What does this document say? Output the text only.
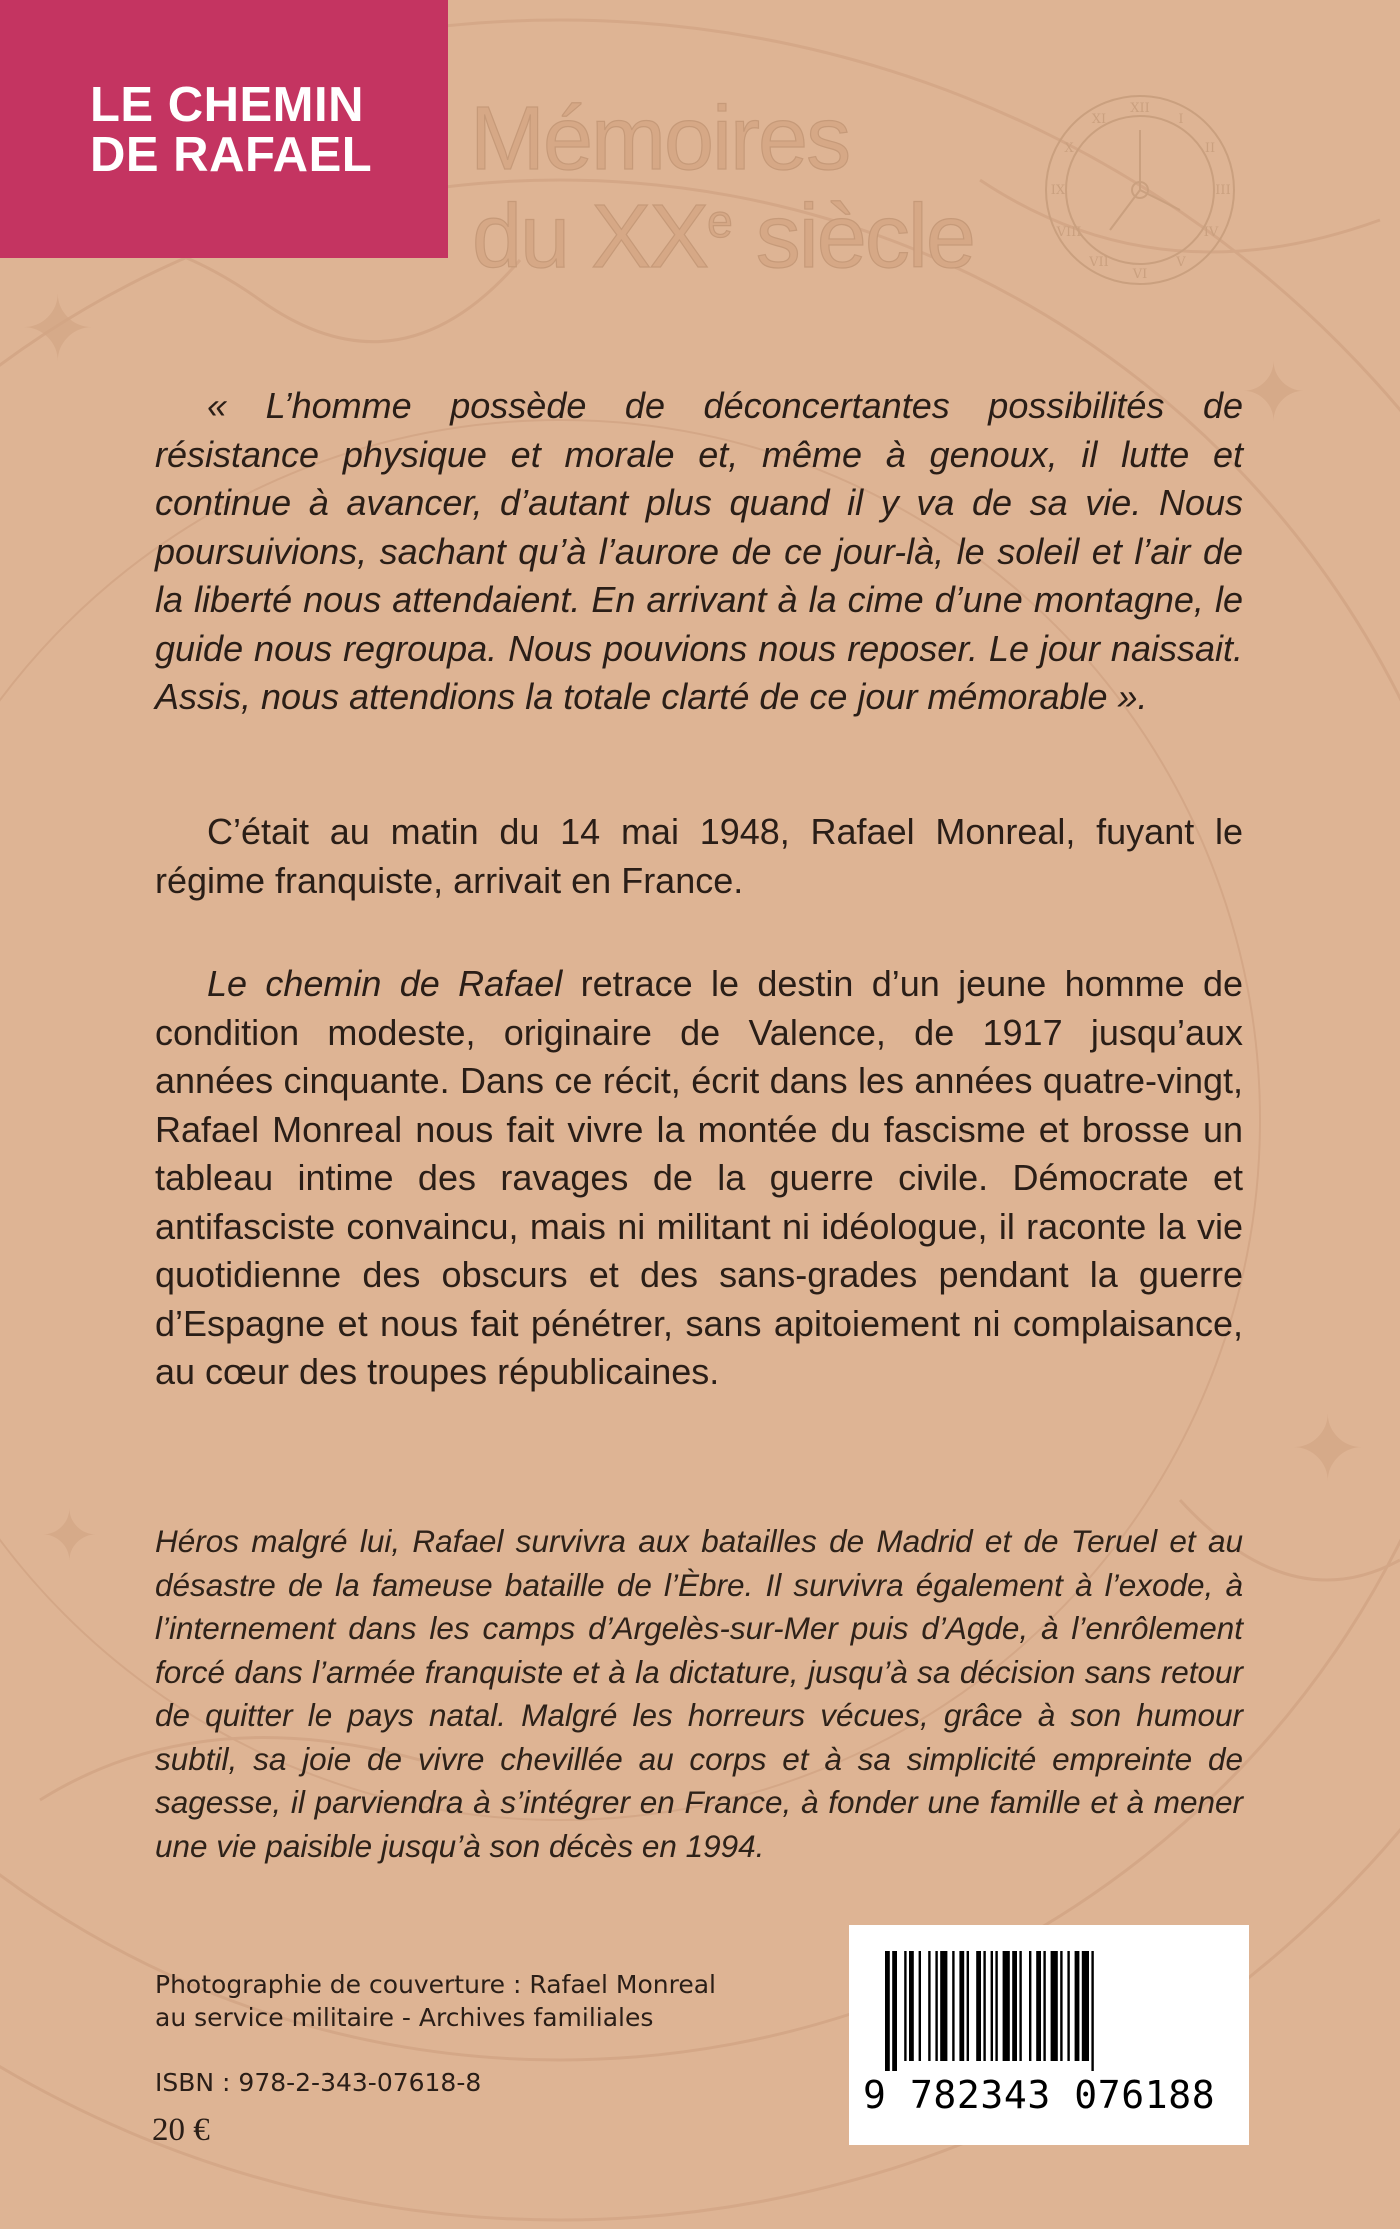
✦
✦
✦
✦
LE CHEMIN
DE RAFAEL Mémoires
du XXe siècle
XII
I
II
III
IV
V
VI
VII
VIII
IX
X
XI

« L’homme possède de déconcertantes possibilités de résistance physique et morale et, même à genoux, il lutte et continue à avancer, d’autant plus quand il y va de sa vie. Nous poursuivions, sachant qu’à l’aurore de ce jour-là, le soleil et l’air de la liberté nous attendaient. En arrivant à la cime d’une montagne, le guide nous regroupa. Nous pouvions nous reposer. Le jour naissait. Assis, nous attendions la totale clarté de ce jour mémorable ».

C’était au matin du 14 mai 1948, Rafael Monreal, fuyant le régime franquiste, arrivait en France.

Le chemin de Rafael retrace le destin d’un jeune homme de condition modeste, originaire de Valence, de 1917 jusqu’aux années cinquante. Dans ce récit, écrit dans les années quatre-vingt, Rafael Monreal nous fait vivre la montée du fascisme et brosse un tableau intime des ravages de la guerre civile. Démocrate et antifasciste convaincu, mais ni militant ni idéologue, il raconte la vie quotidienne des obscurs et des sans-grades pendant la guerre d’Espagne et nous fait pénétrer, sans apitoiement ni complaisance, au cœur des troupes républicaines.

Héros malgré lui, Rafael survivra aux batailles de Madrid et de Teruel et au désastre de la fameuse bataille de l’Èbre. Il survivra également à l’exode, à l’internement dans les camps d’Argelès-sur-Mer puis d’Agde, à l’enrôlement forcé dans l’armée franquiste et à la dictature, jusqu’à sa décision sans retour de quitter le pays natal. Malgré les horreurs vécues, grâce à son humour subtil, sa joie de vivre chevillée au corps et à sa simplicité empreinte de sagesse, il parviendra à s’intégrer en France, à fonder une famille et à mener une vie paisible jusqu’à son décès en 1994.

Photographie de couverture : Rafael Monreal
au service militaire - Archives familiales

ISBN : 978-2-343-07618-8
20 €
9 782343 076188
